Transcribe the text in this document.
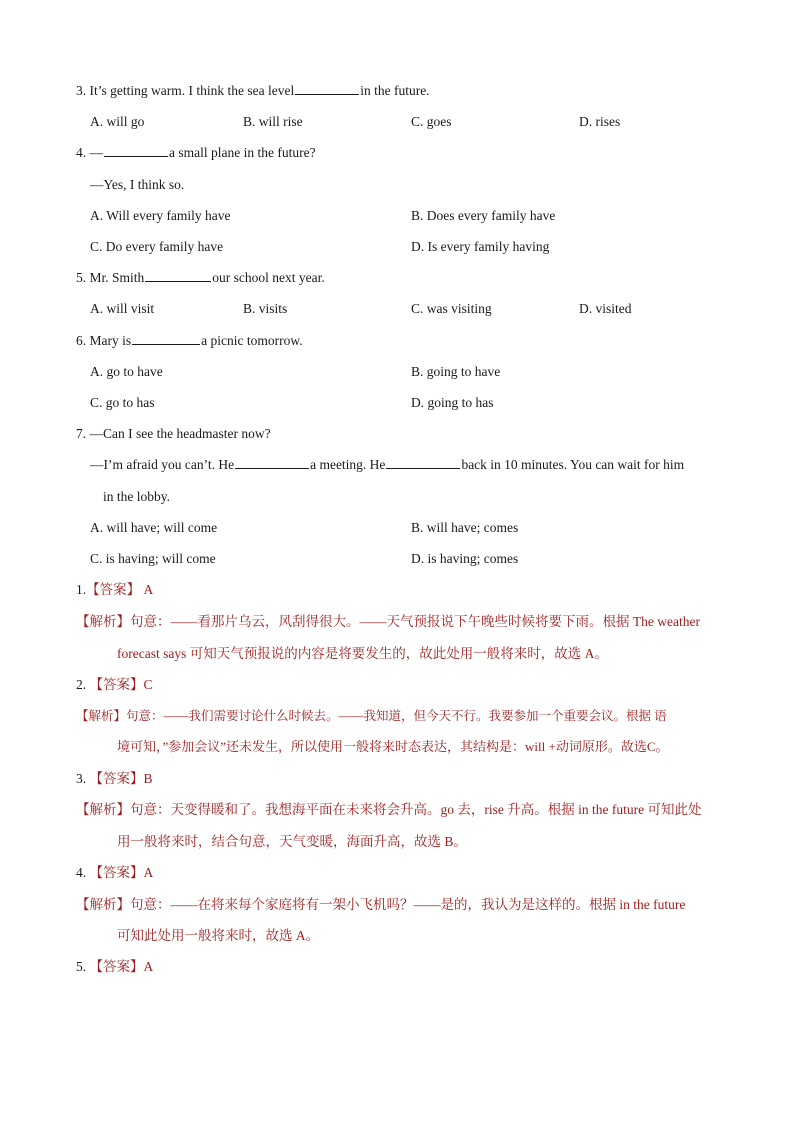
3. It’s getting warm. I think the sea level	in the future.
A. will go	B. will rise	C. goes	D. rises
4. —	a small plane in the future?
—Yes, I think so.
A. Will every family have	B. Does every family have
C. Do every family have	D. Is every family having
5. Mr. Smith	our school next year.
A. will visit	B. visits	C. was visiting	D. visited
6. Mary is	a picnic tomorrow.
A. go to have	B. going to have
C. go to has	D. going to has
7. —Can I see the headmaster now?
—I’m afraid you can’t. He	a meeting. He	back in 10 minutes. You can wait for him
in the lobby.
A. will have; will come	B. will have; comes
C. is having; will come	D. is having; comes
1.【答案】 A
【解析】句意：——看那片乌云，风刮得很大。——天气预报说下午晚些时候将要下雨。根据 The weather
forecast says 可知天气预报说的内容是将要发生的，故此处用一般将来时，故选 A。
2. 【答案】C
【解析】句意：——我们需要讨论什么时候去。——我知道，但今天不行。我要参加一个重要会议。根据 语
境可知，”参加会议”还未发生，所以使用一般将来时态表达，其结构是：will +动词原形。故选C。
3. 【答案】B
【解析】句意：天变得暖和了。我想海平面在未来将会升高。go 去，rise 升高。根据 in the future 可知此处
用一般将来时，结合句意，天气变暖，海面升高，故选 B。
4. 【答案】A
【解析】句意：——在将来每个家庭将有一架小飞机吗？——是的，我认为是这样的。根据 in the future
可知此处用一般将来时，故选 A。
5. 【答案】A
